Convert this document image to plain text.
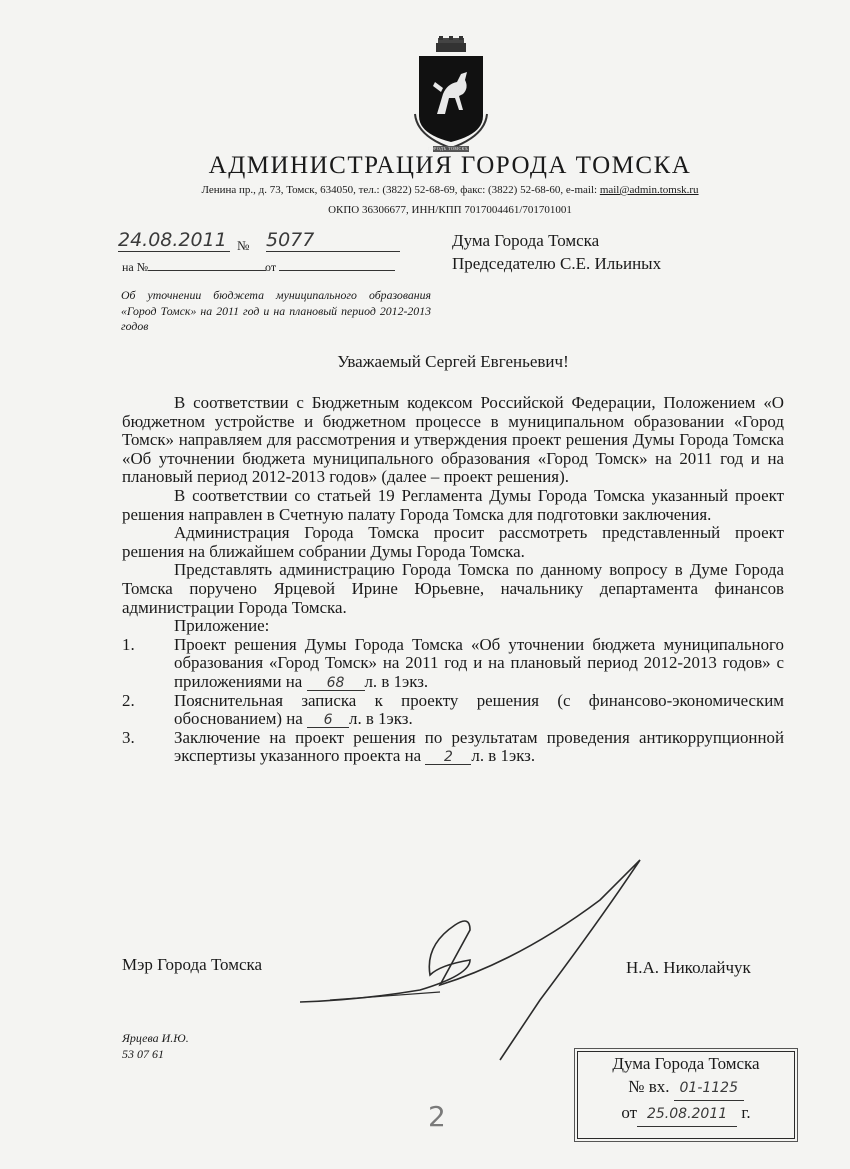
ГОРОДЪ ТОМСКЪ
АДМИНИСТРАЦИЯ ГОРОДА ТОМСКА
Ленина пр., д. 73, Томск, 634050, тел.: (3822) 52-68-69, факс: (3822) 52-68-60, e-mail: mail@admin.tomsk.ru
ОКПО 36306677, ИНН/КПП 7017004461/701701001
24.08.2011 № 5077
на №	от
Дума Города Томска
Председателю С.Е. Ильиных
Об уточнении бюджета муниципального образования «Город Томск» на 2011 год и на плановый период 2012-2013 годов
Уважаемый Сергей Евгеньевич!

В соответствии с Бюджетным кодексом Российской Федерации, Положением «О бюджетном устройстве и бюджетном процессе в муниципальном образовании «Город Томск» направляем для рассмотрения и утверждения проект решения Думы Города Томска «Об уточнении бюджета муниципального образования «Город Томск» на 2011 год и на плановый период 2012-2013 годов» (далее – проект решения).

В соответствии со статьей 19 Регламента Думы Города Томска указанный проект решения направлен в Счетную палату Города Томска для подготовки заключения.

Администрация Города Томска просит рассмотреть представленный проект решения на ближайшем собрании Думы Города Томска.

Представлять администрацию Города Томска по данному вопросу в Думе Города Томска поручено Ярцевой Ирине Юрьевне, начальнику департамента финансов администрации Города Томска.

Приложение:

1.	Проект решения Думы Города Томска «Об уточнении бюджета муниципального образования «Город Томск» на 2011 год и на плановый период 2012-2013 годов» с приложениями на 68 л. в 1экз.
2.	Пояснительная записка к проекту решения (с финансово-экономическим обоснованием) на 6 л. в 1экз.
3.	Заключение на проект решения по результатам проведения антикоррупционной экспертизы указанного проекта на 2 л. в 1экз.
Мэр Города Томска	Н.А. Николайчук
Ярцева И.Ю.
53 07 61
2
Дума Города Томска
№ вх. 01-1125
от 25.08.2011 г.
